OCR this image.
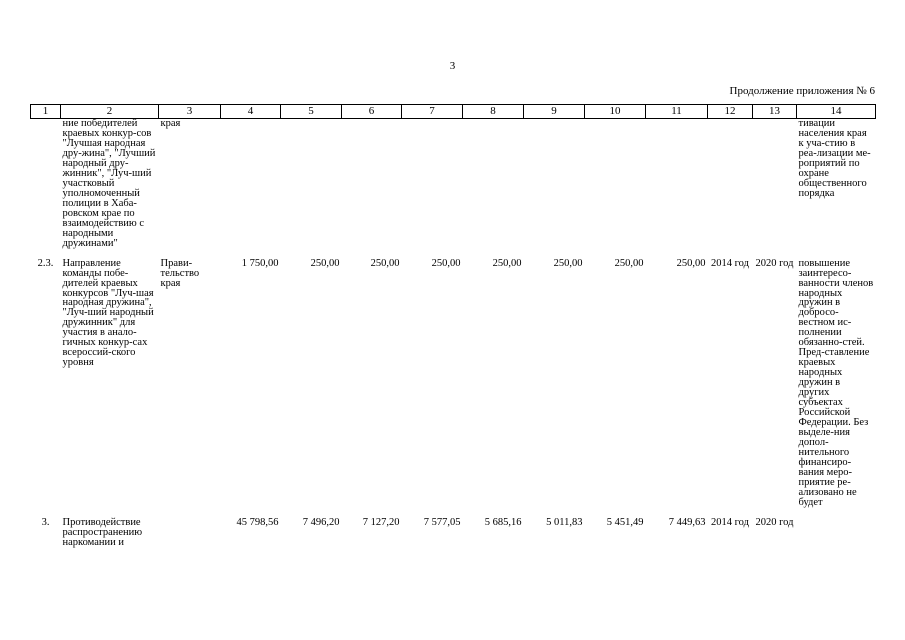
3
Продолжение приложения № 6
1	2	3	4	5	6	7	8	9	10	11	12	13	14
	ние победителей краевых конкур-сов "Лучшая народная дру-жина", "Лучший народный дру-жинник", "Луч-ший участковый уполномоченный полиции в Хаба-ровском крае по взаимодействию с народными дружинами"	края											тивации населения края к уча-стию в реа-лизации ме-роприятий по охране общественного порядка
2.3.	Направление команды побе-дителей краевых конкурсов "Луч-шая народная дружина", "Луч-ший народный дружинник" для участия в анало-гичных конкур-сах всероссий-ского уровня	Прави-тельство края	1 750,00	250,00	250,00	250,00	250,00	250,00	250,00	250,00	2014 год	2020 год	повышение заинтересо-ванности членов народных дружин в добросо-вестном ис-полнении обязанно-стей. Пред-ставление краевых народных дружин в других субъектах Российской Федерации. Без выделе-ния допол-нительного финансиро-вания меро-приятие ре-ализовано не будет
3.	Противодействие распространению наркомании и		45 798,56	7 496,20	7 127,20	7 577,05	5 685,16	5 011,83	5 451,49	7 449,63	2014 год	2020 год	
